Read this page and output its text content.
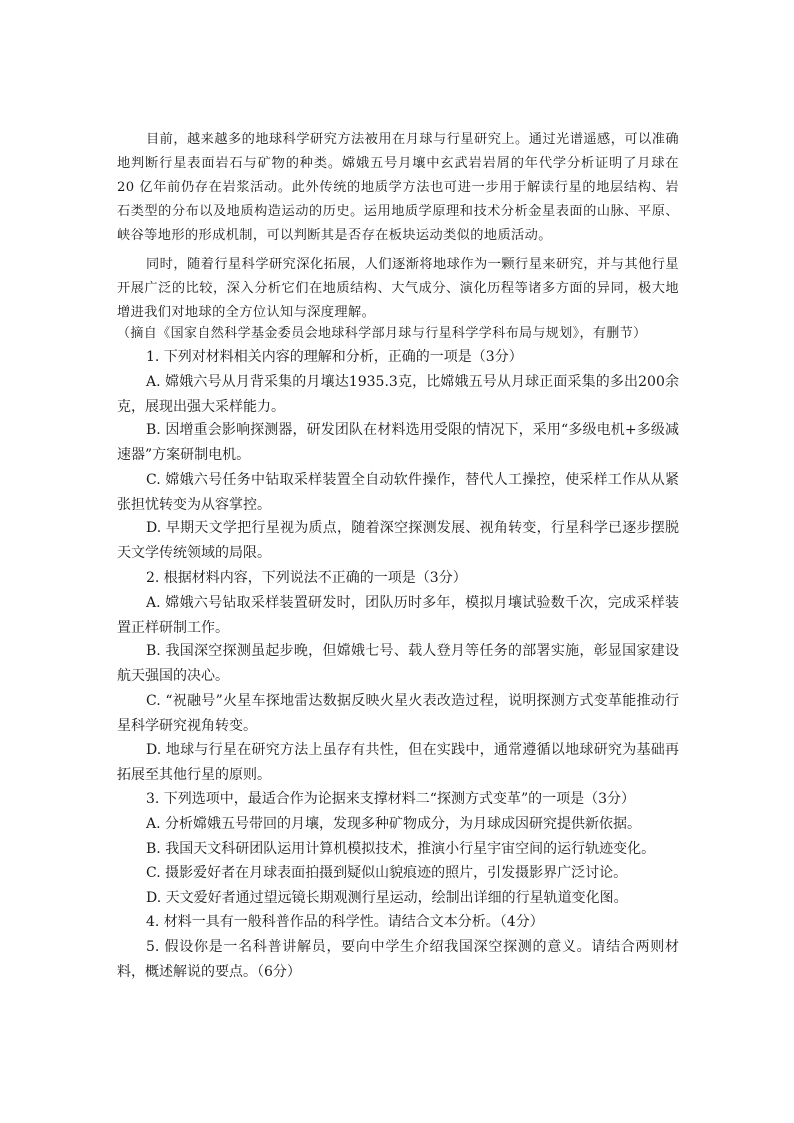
目前，越来越多的地球科学研究方法被用在月球与行星研究上。通过光谱遥感，可以准确地判断行星表面岩石与矿物的种类。嫦娥五号月壤中玄武岩岩屑的年代学分析证明了月球在 20 亿年前仍存在岩浆活动。此外传统的地质学方法也可进一步用于解读行星的地层结构、岩石类型的分布以及地质构造运动的历史。运用地质学原理和技术分析金星表面的山脉、平原、峡谷等地形的形成机制，可以判断其是否存在板块运动类似的地质活动。

同时，随着行星科学研究深化拓展，人们逐渐将地球作为一颗行星来研究，并与其他行星开展广泛的比较，深入分析它们在地质结构、大气成分、演化历程等诸多方面的异同，极大地增进我们对地球的全方位认知与深度理解。

（摘自《国家自然科学基金委员会地球科学部月球与行星科学学科布局与规划》，有删节）

1. 下列对材料相关内容的理解和分析，正确的一项是（3分）

A. 嫦娥六号从月背采集的月壤达1935.3克，比嫦娥五号从月球正面采集的多出200余克，展现出强大采样能力。

B. 因增重会影响探测器，研发团队在材料选用受限的情况下，采用“多级电机+多级减速器”方案研制电机。

C. 嫦娥六号任务中钻取采样装置全自动软件操作，替代人工操控，使采样工作从从紧张担忧转变为从容掌控。

D. 早期天文学把行星视为质点，随着深空探测发展、视角转变，行星科学已逐步摆脱天文学传统领域的局限。

2. 根据材料内容，下列说法不正确的一项是（3分）

A. 嫦娥六号钻取采样装置研发时，团队历时多年，模拟月壤试验数千次，完成采样装置正样研制工作。

B. 我国深空探测虽起步晚，但嫦娥七号、载人登月等任务的部署实施，彰显国家建设航天强国的决心。

C. “祝融号”火星车探地雷达数据反映火星火表改造过程，说明探测方式变革能推动行星科学研究视角转变。

D. 地球与行星在研究方法上虽存有共性，但在实践中，通常遵循以地球研究为基础再拓展至其他行星的原则。

3. 下列选项中，最适合作为论据来支撑材料二“探测方式变革”的一项是（3分）

A. 分析嫦娥五号带回的月壤，发现多种矿物成分，为月球成因研究提供新依据。

B. 我国天文科研团队运用计算机模拟技术，推演小行星宇宙空间的运行轨迹变化。

C. 摄影爱好者在月球表面拍摄到疑似山貌痕迹的照片，引发摄影界广泛讨论。

D. 天文爱好者通过望远镜长期观测行星运动，绘制出详细的行星轨道变化图。

4. 材料一具有一般科普作品的科学性。请结合文本分析。（4分）

5. 假设你是一名科普讲解员，要向中学生介绍我国深空探测的意义。请结合两则材料，概述解说的要点。（6分）
